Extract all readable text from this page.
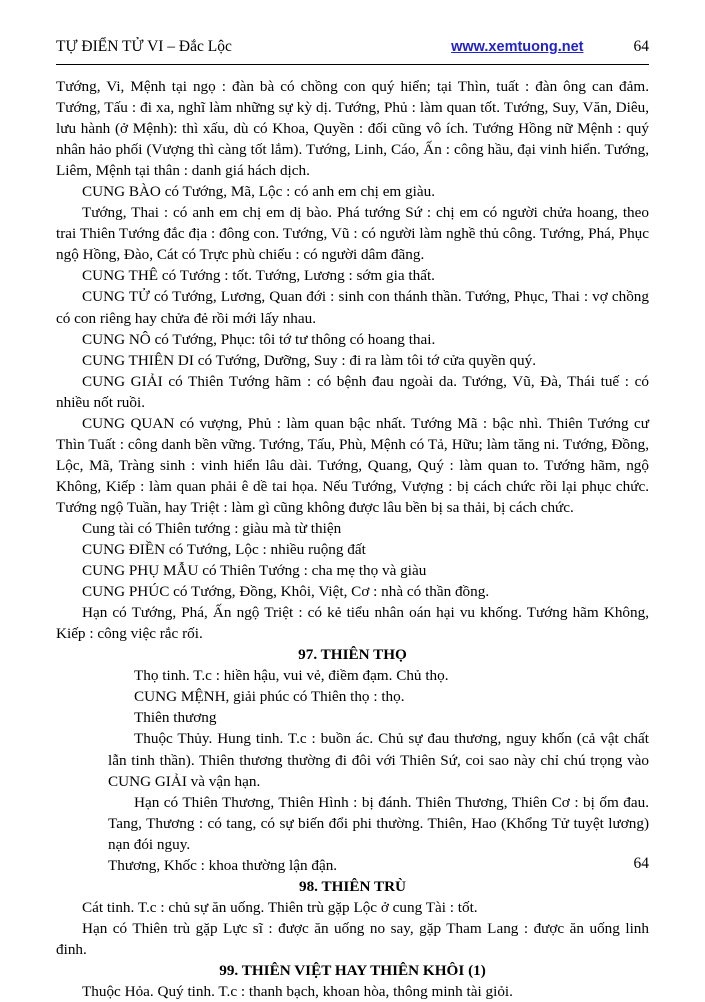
TỰ ĐIỂN TỬ VI – Đắc Lộc	www.xemtuong.net	64

Tướng, Vi, Mệnh tại ngọ : đàn bà có chồng con quý hiển; tại Thìn, tuất : đàn ông can đảm. Tướng, Tấu : đi xa, nghĩ làm những sự kỳ dị. Tướng, Phủ : làm quan tốt. Tướng, Suy, Văn, Diêu, lưu hành (ở Mệnh): thì xấu, dù có Khoa, Quyền : đối cũng vô ích. Tướng Hồng nữ Mệnh : quý nhân hảo phối (Vượng thì càng tốt lắm). Tướng, Linh, Cáo, Ấn : công hầu, đại vinh hiển. Tướng, Liêm, Mệnh tại thân : danh giá hách dịch.

CUNG BÀO có Tướng, Mã, Lộc : có anh em chị em giàu.

Tướng, Thai : có anh em chị em dị bào. Phá tướng Sứ : chị em có người chửa hoang, theo trai Thiên Tướng đắc địa : đông con. Tướng, Vũ : có người làm nghề thủ công. Tướng, Phá, Phục ngộ Hồng, Đào, Cát có Trực phù chiếu : có người dâm đãng.

CUNG THÊ có Tướng : tốt. Tướng, Lương : sớm gia thất.

CUNG TỬ có Tướng, Lương, Quan đới : sinh con thánh thần. Tướng, Phục, Thai : vợ chồng có con riêng hay chửa đẻ rồi mới lấy nhau.

CUNG NÔ có Tướng, Phục: tôi tớ tư thông có hoang thai.

CUNG THIÊN DI có Tướng, Dưỡng, Suy : đi ra làm tôi tớ cửa quyền quý.

CUNG GIẢI có Thiên Tướng hãm : có bệnh đau ngoài da. Tướng, Vũ, Đà, Thái tuế : có nhiều nốt ruồi.

CUNG QUAN có vượng, Phủ : làm quan bậc nhất. Tướng Mã : bậc nhì. Thiên Tướng cư Thìn Tuất : công danh bền vững. Tướng, Tấu, Phù, Mệnh có Tả, Hữu; làm tăng ni. Tướng, Đồng, Lộc, Mã, Tràng sinh : vinh hiển lâu dài. Tướng, Quang, Quý : làm quan to. Tướng hãm, ngộ Không, Kiếp : làm quan phải ê dề tai họa. Nếu Tướng, Vượng : bị cách chức rồi lại phục chức. Tướng ngộ Tuần, hay Triệt : làm gì cũng không được lâu bền bị sa thải, bị cách chức.

Cung tài có Thiên tướng : giàu mà từ thiện

CUNG ĐIỀN có Tướng, Lộc : nhiều ruộng đất

CUNG PHỤ MẪU có Thiên Tướng : cha mẹ thọ và giàu

CUNG PHÚC có Tướng, Đồng, Khôi, Việt, Cơ : nhà có thần đồng.

Hạn có Tướng, Phá, Ấn ngộ Triệt : có kẻ tiểu nhân oán hại vu khống. Tướng hãm Không, Kiếp : công việc rắc rối.

97. THIÊN THỌ

Thọ tinh. T.c : hiền hậu, vui vẻ, điềm đạm. Chủ thọ.

CUNG MỆNH, giải phúc có Thiên thọ : thọ.

Thiên thương

Thuộc Thủy. Hung tinh. T.c : buồn ác. Chủ sự đau thương, nguy khốn (cả vật chất lẫn tinh thần). Thiên thương thường đi đôi với Thiên Sứ, coi sao này chỉ chú trọng vào CUNG GIẢI và vận hạn.

Hạn có Thiên Thương, Thiên Hình : bị đánh. Thiên Thương, Thiên Cơ : bị ốm đau. Tang, Thương : có tang, có sự biến đổi phi thường. Thiên, Hao (Khổng Tử tuyệt lương) nạn đói nguy.

Thương, Khốc : khoa thường lận đận.

98. THIÊN TRÙ

Cát tinh. T.c : chủ sự ăn uống. Thiên trù gặp Lộc ở cung Tài : tốt.

Hạn có Thiên trù gặp Lực sĩ : được ăn uống no say, gặp Tham Lang : được ăn uống linh đinh.

99. THIÊN VIỆT HAY THIÊN KHÔI (1)

Thuộc Hỏa. Quý tinh. T.c : thanh bạch, khoan hòa, thông minh tài giỏi.

64
